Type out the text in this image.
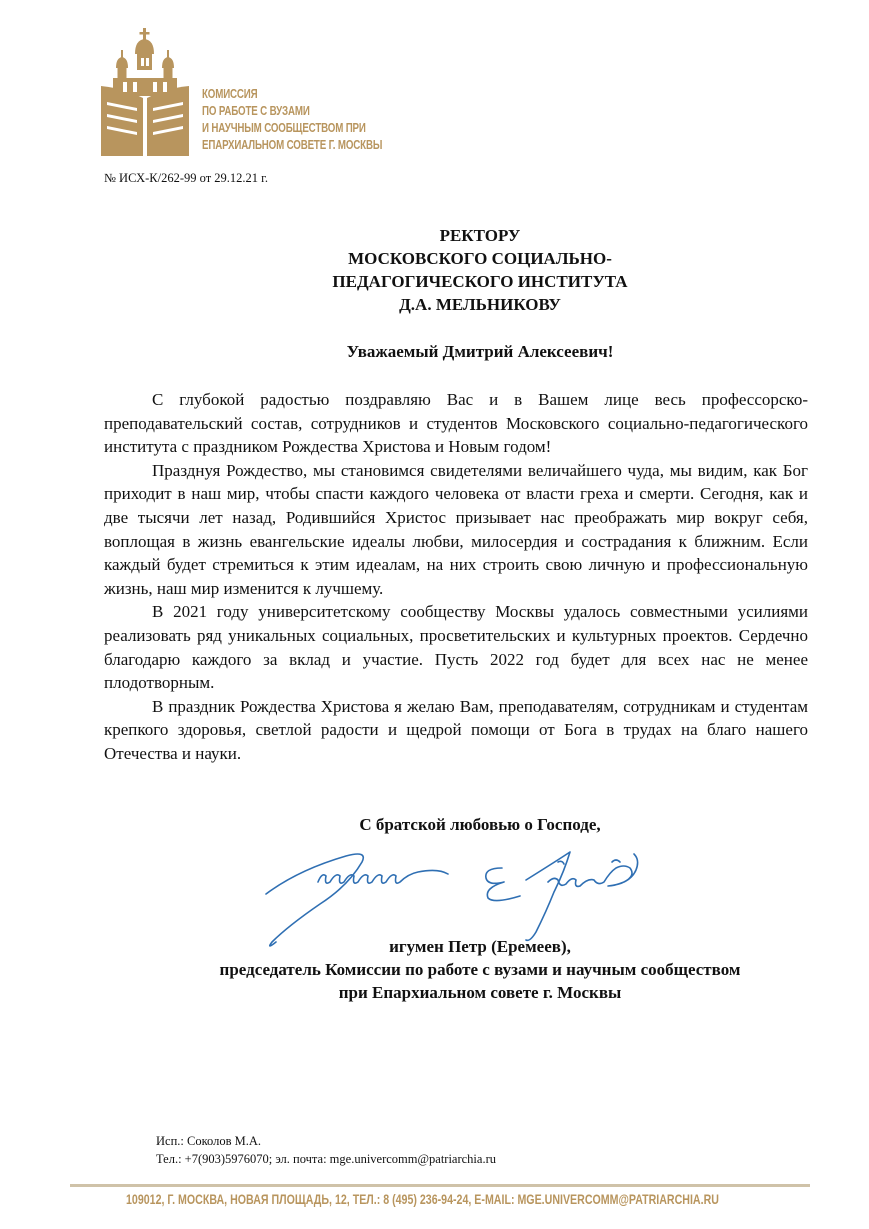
КОМИССИЯ
ПО РАБОТЕ С ВУЗАМИ
И НАУЧНЫМ СООБЩЕСТВОМ ПРИ
ЕПАРХИАЛЬНОМ СОВЕТЕ Г. МОСКВЫ
№ ИСХ-К/262-99 от 29.12.21 г.
РЕКТОРУ
МОСКОВСКОГО СОЦИАЛЬНО-
ПЕДАГОГИЧЕСКОГО ИНСТИТУТА
Д.А. МЕЛЬНИКОВУ
Уважаемый Дмитрий Алексеевич!

С глубокой радостью поздравляю Вас и в Вашем лице весь профессорско-преподавательский состав, сотрудников и студентов Московского социально-педагогического института с праздником Рождества Христова и Новым годом!

Празднуя Рождество, мы становимся свидетелями величайшего чуда, мы видим, как Бог приходит в наш мир, чтобы спасти каждого человека от власти греха и смерти. Сегодня, как и две тысячи лет назад, Родившийся Христос призывает нас преображать мир вокруг себя, воплощая в жизнь евангельские идеалы любви, милосердия и сострадания к ближним. Если каждый будет стремиться к этим идеалам, на них строить свою личную и профессиональную жизнь, наш мир изменится к лучшему.

В 2021 году университетскому сообществу Москвы удалось совместными усилиями реализовать ряд уникальных социальных, просветительских и культурных проектов. Сердечно благодарю каждого за вклад и участие. Пусть 2022 год будет для всех нас не менее плодотворным.

В праздник Рождества Христова я желаю Вам, преподавателям, сотрудникам и студентам крепкого здоровья, светлой радости и щедрой помощи от Бога в трудах на благо нашего Отечества и науки.

С братской любовью о Господе,
игумен Петр (Еремеев),
председатель Комиссии по работе с вузами и научным сообществом
при Епархиальном совете г. Москвы
Исп.: Соколов М.А.
Тел.: +7(903)5976070; эл. почта: mge.univercomm@patriarchia.ru
109012, Г. МОСКВА, НОВАЯ ПЛОЩАДЬ, 12, ТЕЛ.: 8 (495) 236-94-24, E-MAIL: MGE.UNIVERCOMM@PATRIARCHIA.RU
